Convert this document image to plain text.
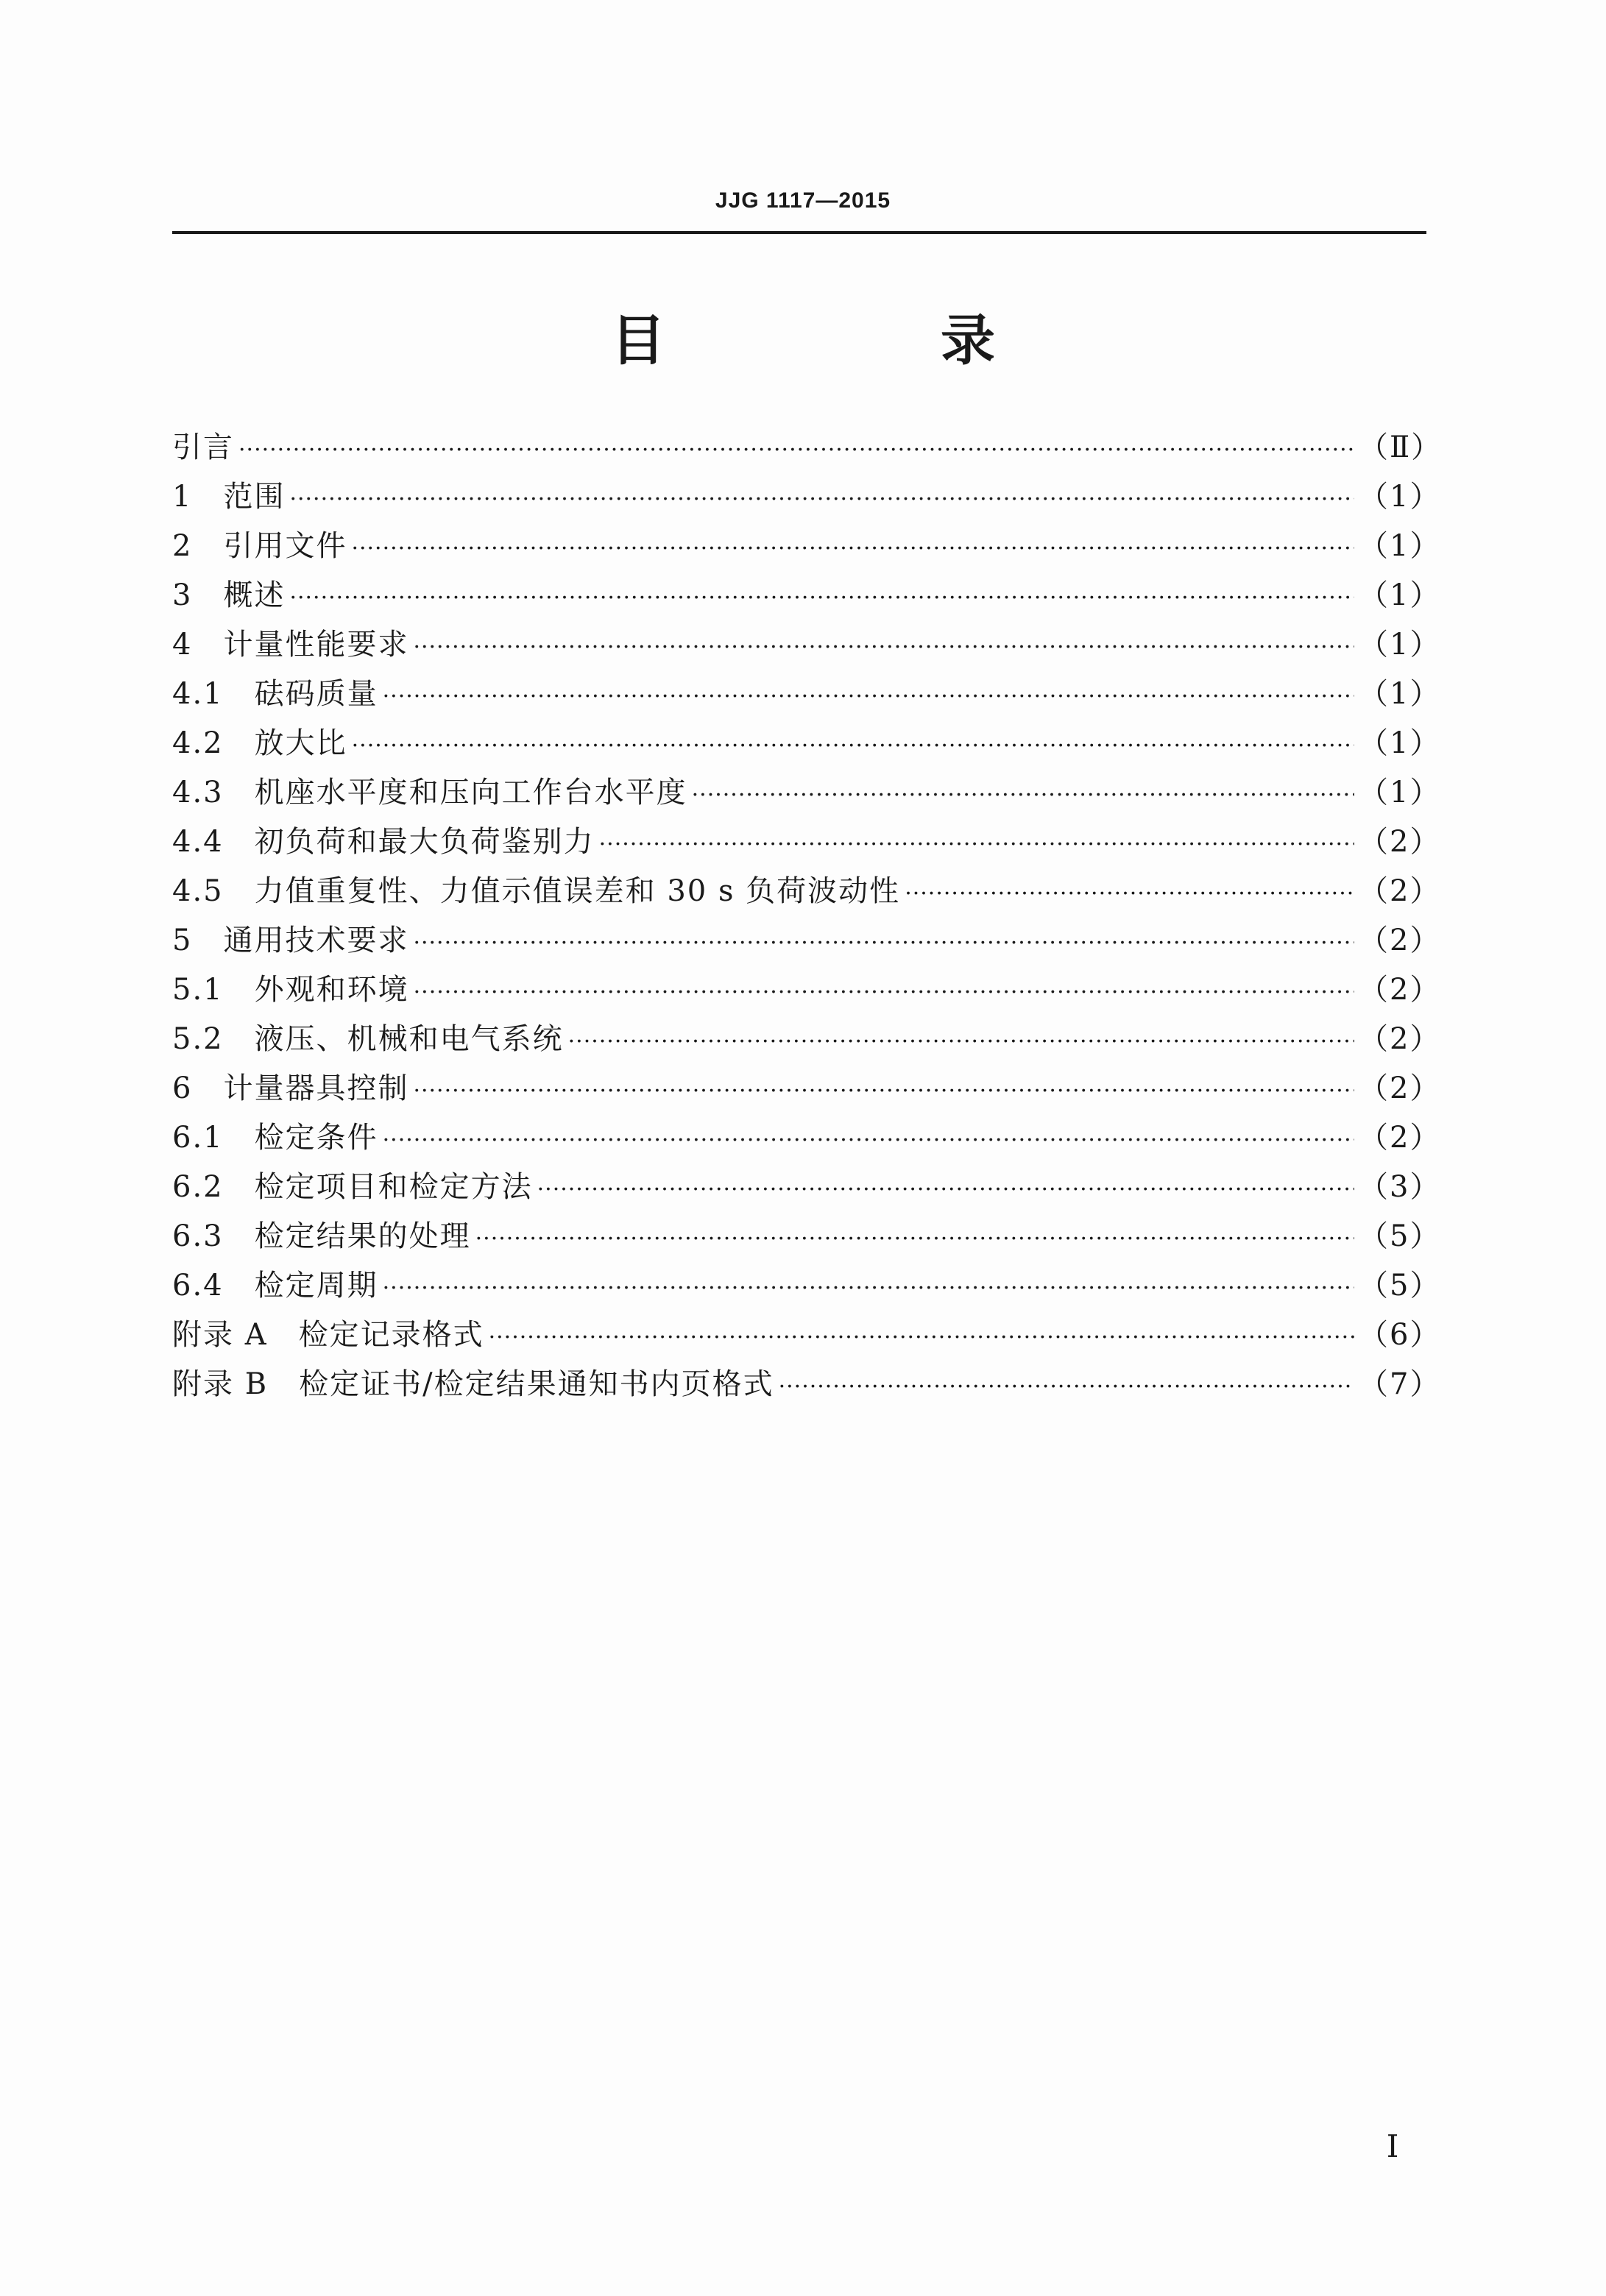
JJG 1117—2015
目　录
引言 ·····	（Ⅱ）
1　范围 ·····	（1）
2　引用文件 ·····	（1）
3　概述 ·····	（1）
4　计量性能要求 ·····	（1）
4.1　砝码质量 ·····	（1）
4.2　放大比 ·····	（1）
4.3　机座水平度和压向工作台水平度 ·····	（1）
4.4　初负荷和最大负荷鉴别力 ·····	（2）
4.5　力值重复性、力值示值误差和 30 s 负荷波动性 ·····	（2）
5　通用技术要求 ·····	（2）
5.1　外观和环境 ·····	（2）
5.2　液压、机械和电气系统 ·····	（2）
6　计量器具控制 ·····	（2）
6.1　检定条件 ·····	（2）
6.2　检定项目和检定方法 ·····	（3）
6.3　检定结果的处理 ·····	（5）
6.4　检定周期 ·····	（5）
附录 A　检定记录格式 ·····	（6）
附录 B　检定证书/检定结果通知书内页格式 ·····	（7）
I
